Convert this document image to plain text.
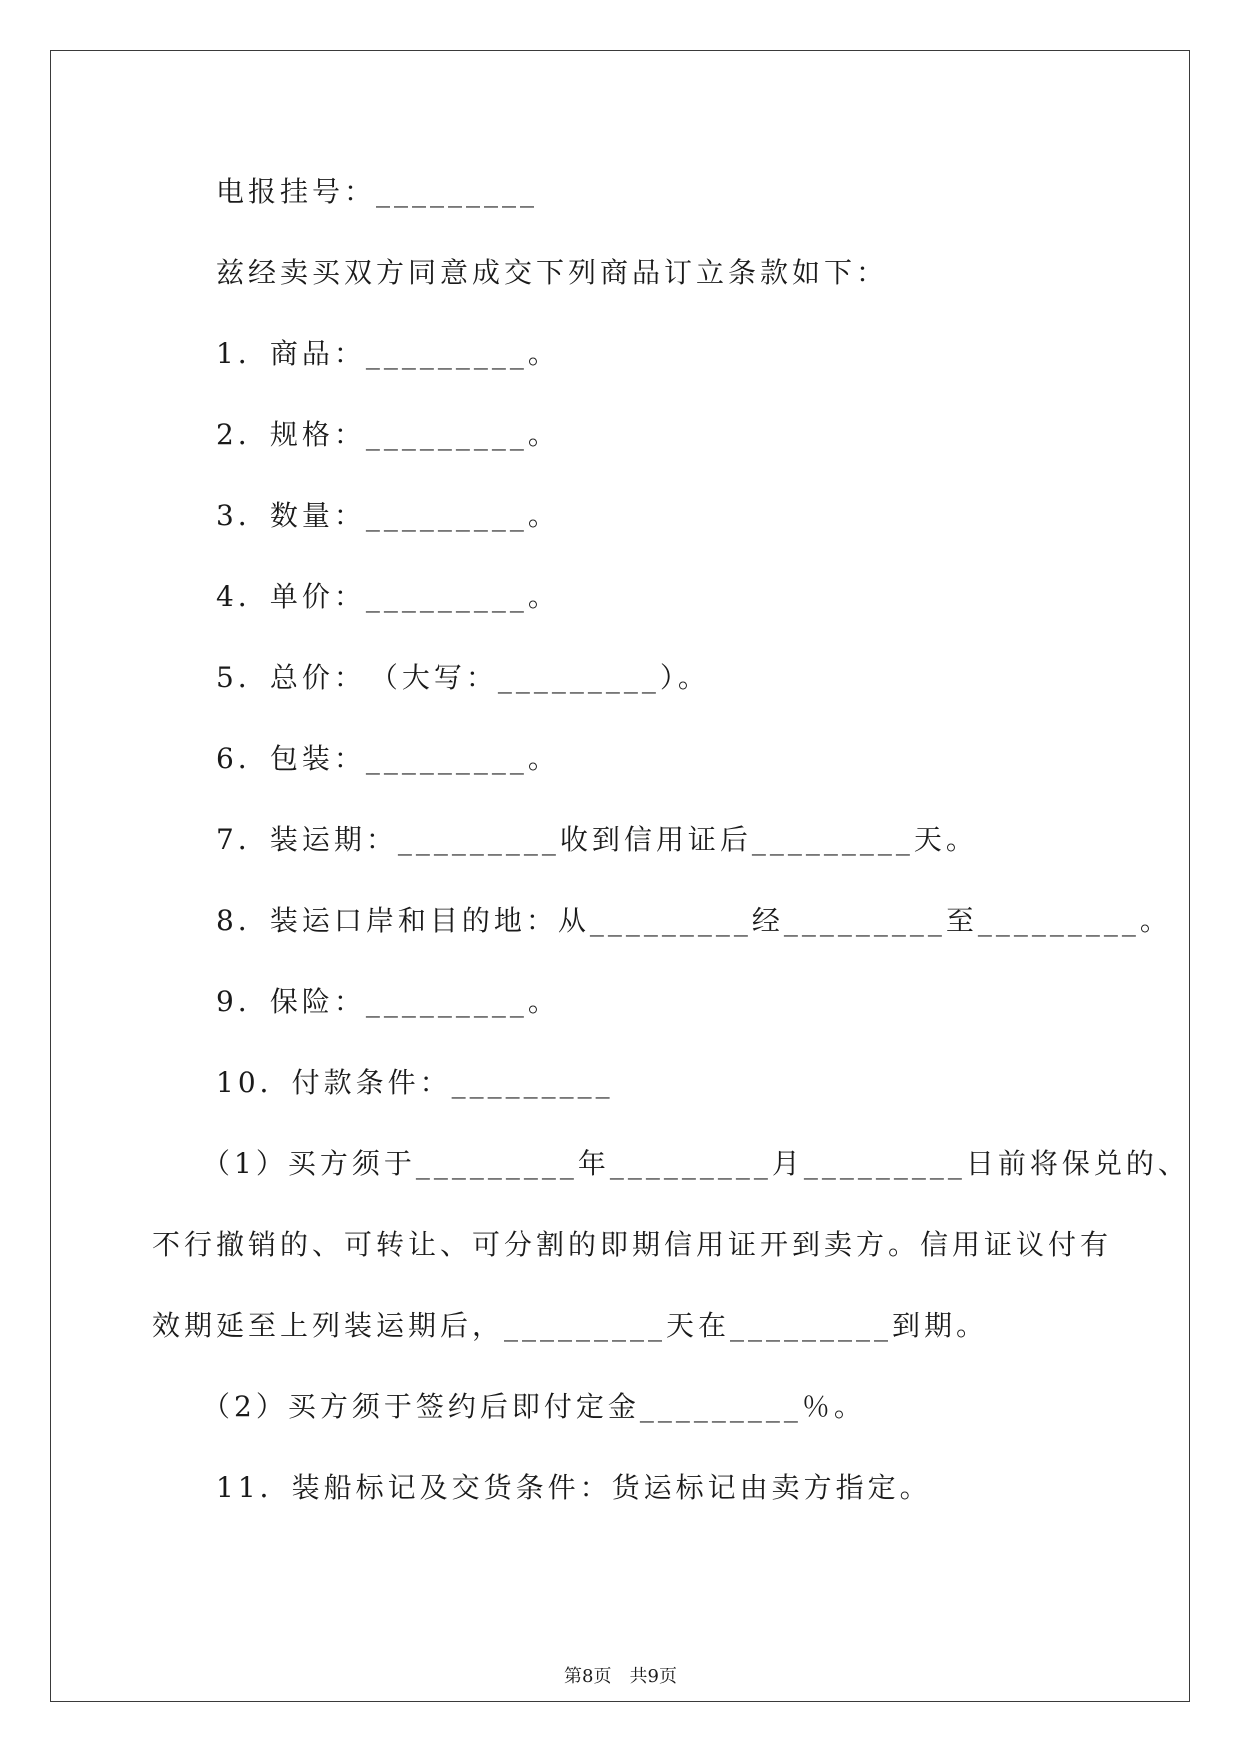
　　电报挂号：_________
　　兹经卖买双方同意成交下列商品订立条款如下：
　　1．商品：_________。
　　2．规格：_________。
　　3．数量：_________。
　　4．单价：_________。
　　5．总价：　（大写：_________）。
　　6．包装：_________。
　　7．装运期：_________收到信用证后_________天。
　　8．装运口岸和目的地：从_________经_________至_________。
　　9．保险：_________。
　　10．付款条件：_________
　　（1）买方须于_________年_________月_________日前将保兑的、
不行撤销的、可转让、可分割的即期信用证开到卖方。信用证议付有
效期延至上列装运期后，_________天在_________到期。
　　（2）买方须于签约后即付定金_________％。
　　11．装船标记及交货条件：货运标记由卖方指定。
第8页　共9页
